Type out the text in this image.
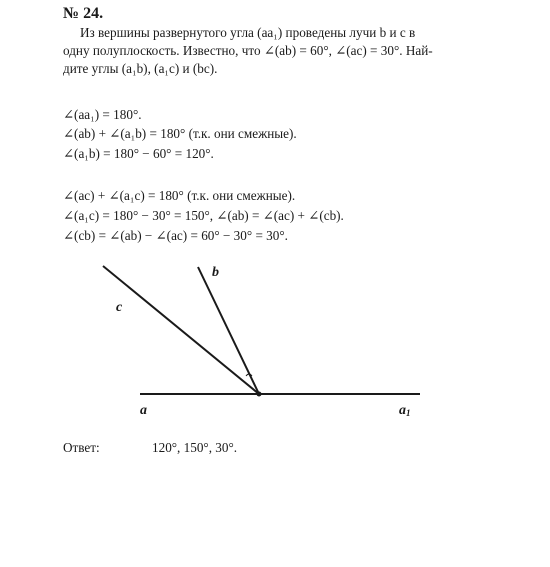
№ 24.
Из вершины развернутого угла (aa₁) проведены лучи b и c в
одну полуплоскость. Известно, что ∠(ab) = 60°, ∠(ac) = 30°. Най-
дите углы (a₁b), (a₁c) и (bc).
∠(aa₁) = 180°.
∠(ab) + ∠(a₁b) = 180° (т.к. они смежные).
∠(a₁b) = 180° − 60° = 120°.
∠(ac) + ∠(a₁c) = 180° (т.к. они смежные).
∠(a₁c) = 180° − 30° = 150°, ∠(ab) = ∠(ac) + ∠(cb).
∠(cb) = ∠(ab) − ∠(ac) = 60° − 30° = 30°.
b
c
a	$a_1$
Ответ:	120°, 150°, 30°.
